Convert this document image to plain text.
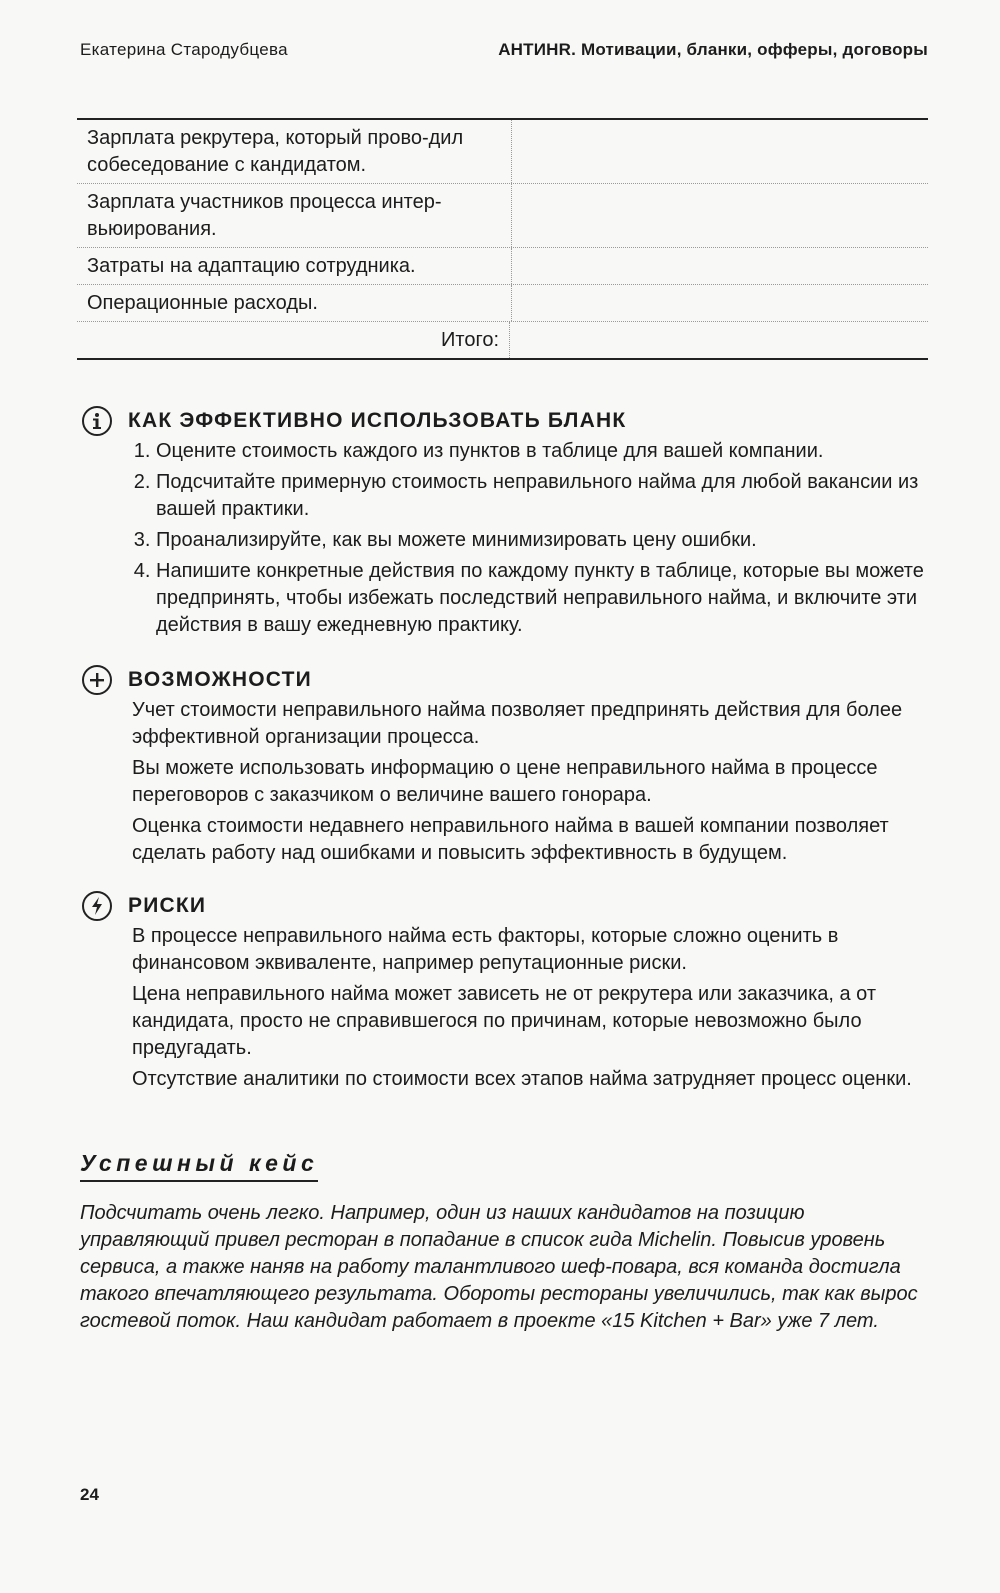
Екатерина Стародубцева	АНТИНR. Мотивации, бланки, офферы, договоры
Зарплата рекрутера, который прово-дил собеседование с кандидатом.
Зарплата участников процесса интер-вьюирования.
Затраты на адаптацию сотрудника.
Операционные расходы.
Итого:
КАК ЭФФЕКТИВНО ИСПОЛЬЗОВАТЬ БЛАНК
1. Оцените стоимость каждого из пунктов в таблице для вашей компании.
2. Подсчитайте примерную стоимость неправильного найма для любой вакансии из вашей практики.
3. Проанализируйте, как вы можете минимизировать цену ошибки.
4. Напишите конкретные действия по каждому пункту в таблице, которые вы можете предпринять, чтобы избежать последствий неправильного найма, и включите эти действия в вашу ежедневную практику.
ВОЗМОЖНОСТИ

Учет стоимости неправильного найма позволяет предпринять действия для более эффективной организации процесса.

Вы можете использовать информацию о цене неправильного найма в процессе переговоров с заказчиком о величине вашего гонорара.

Оценка стоимости недавнего неправильного найма в вашей компании позволяет сделать работу над ошибками и повысить эффективность в будущем.

РИСКИ

В процессе неправильного найма есть факторы, которые сложно оценить в финансовом эквиваленте, например репутационные риски.

Цена неправильного найма может зависеть не от рекрутера или заказчика, а от кандидата, просто не справившегося по причинам, которые невозможно было предугадать.

Отсутствие аналитики по стоимости всех этапов найма затрудняет процесс оценки.

Успешный кейс
Подсчитать очень легко. Например, один из наших кандидатов на позицию управляющий привел ресторан в попадание в список гида Michelin. Повысив уровень сервиса, а также наняв на работу талантливого шеф-повара, вся команда достигла такого впечатляющего результата. Обороты рестораны увеличились, так как вырос гостевой поток. Наш кандидат работает в проекте «15 Kitchen + Bar» уже 7 лет.
24
